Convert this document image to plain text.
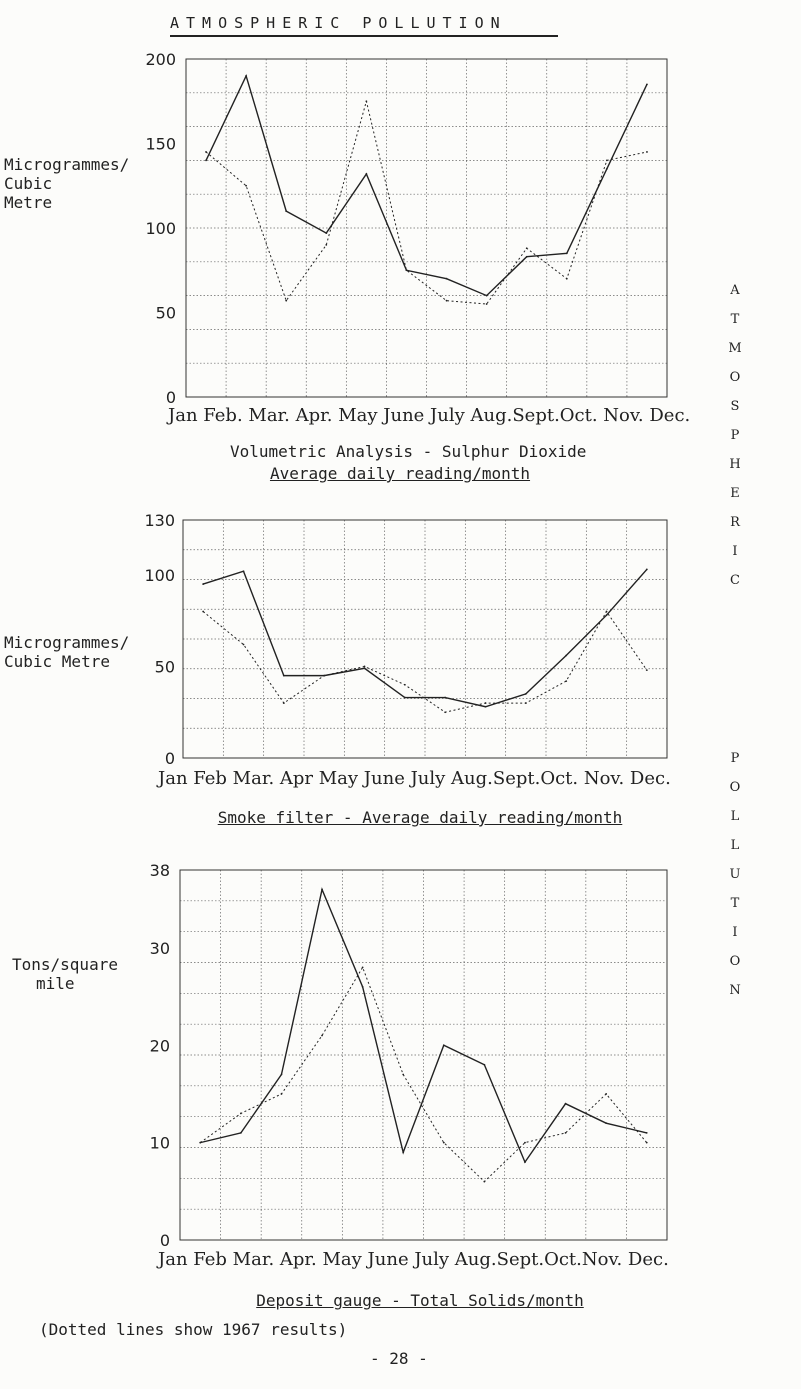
ATMOSPHERIC POLLUTION
A
T
M
O
S
P
H
E
R
I
C
P
O
L
L
U
T
I
O
N
Microgrammes/
Cubic
Metre
200
150
100
50
0
Jan Feb. Mar. Apr. May June July Aug.Sept.Oct. Nov. Dec.
Volumetric Analysis - Sulphur Dioxide
Average daily reading/month
Microgrammes/
Cubic Metre
130
100
50
0
Jan Feb Mar. Apr May June July Aug.Sept.Oct. Nov. Dec.
Smoke filter - Average daily reading/month
Tons/square
mile
38
30
20
10
0
Jan Feb Mar. Apr. May June July Aug.Sept.Oct.Nov. Dec.
Deposit gauge - Total Solids/month
(Dotted lines show 1967 results)
- 28 -
